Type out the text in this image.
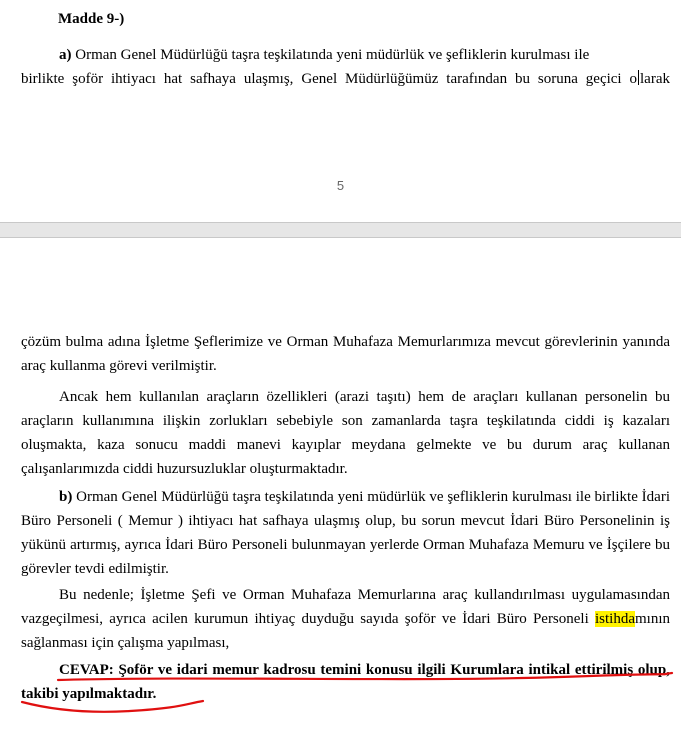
Madde 9-)

a) Orman Genel Müdürlüğü taşra teşkilatında yeni müdürlük ve şefliklerin kurulması ile

birlikte şoför ihtiyacı hat safhaya ulaşmış, Genel Müdürlüğümüz tarafından bu soruna geçici o larak

5

çözüm bulma adına İşletme Şeflerimize ve Orman Muhafaza Memurlarımıza mevcut görevlerinin yanında araç kullanma görevi verilmiştir.

Ancak hem kullanılan araçların özellikleri (arazi taşıtı) hem de araçları kullanan personelin bu araçların kullanımına ilişkin zorlukları sebebiyle son zamanlarda taşra teşkilatında ciddi iş kazaları oluşmakta, kaza sonucu maddi manevi kayıplar meydana gelmekte ve bu durum araç kullanan çalışanlarımızda ciddi huzursuzluklar oluşturmaktadır.

b) Orman Genel Müdürlüğü taşra teşkilatında yeni müdürlük ve şefliklerin kurulması ile birlikte İdari Büro Personeli ( Memur ) ihtiyacı hat safhaya ulaşmış olup, bu sorun mevcut İdari Büro Personelinin iş yükünü artırmış, ayrıca İdari Büro Personeli bulunmayan yerlerde Orman Muhafaza Memuru ve İşçilere bu görevler tevdi edilmiştir.

Bu nedenle; İşletme Şefi ve Orman Muhafaza Memurlarına araç kullandırılması uygulamasından vazgeçilmesi, ayrıca acilen kurumun ihtiyaç duyduğu sayıda şoför ve İdari Büro Personeli istihdamının sağlanması için çalışma yapılması,

CEVAP: Şoför ve idari memur kadrosu temini konusu ilgili Kurumlara intikal ettirilmiş olup, takibi yapılmaktadır.
